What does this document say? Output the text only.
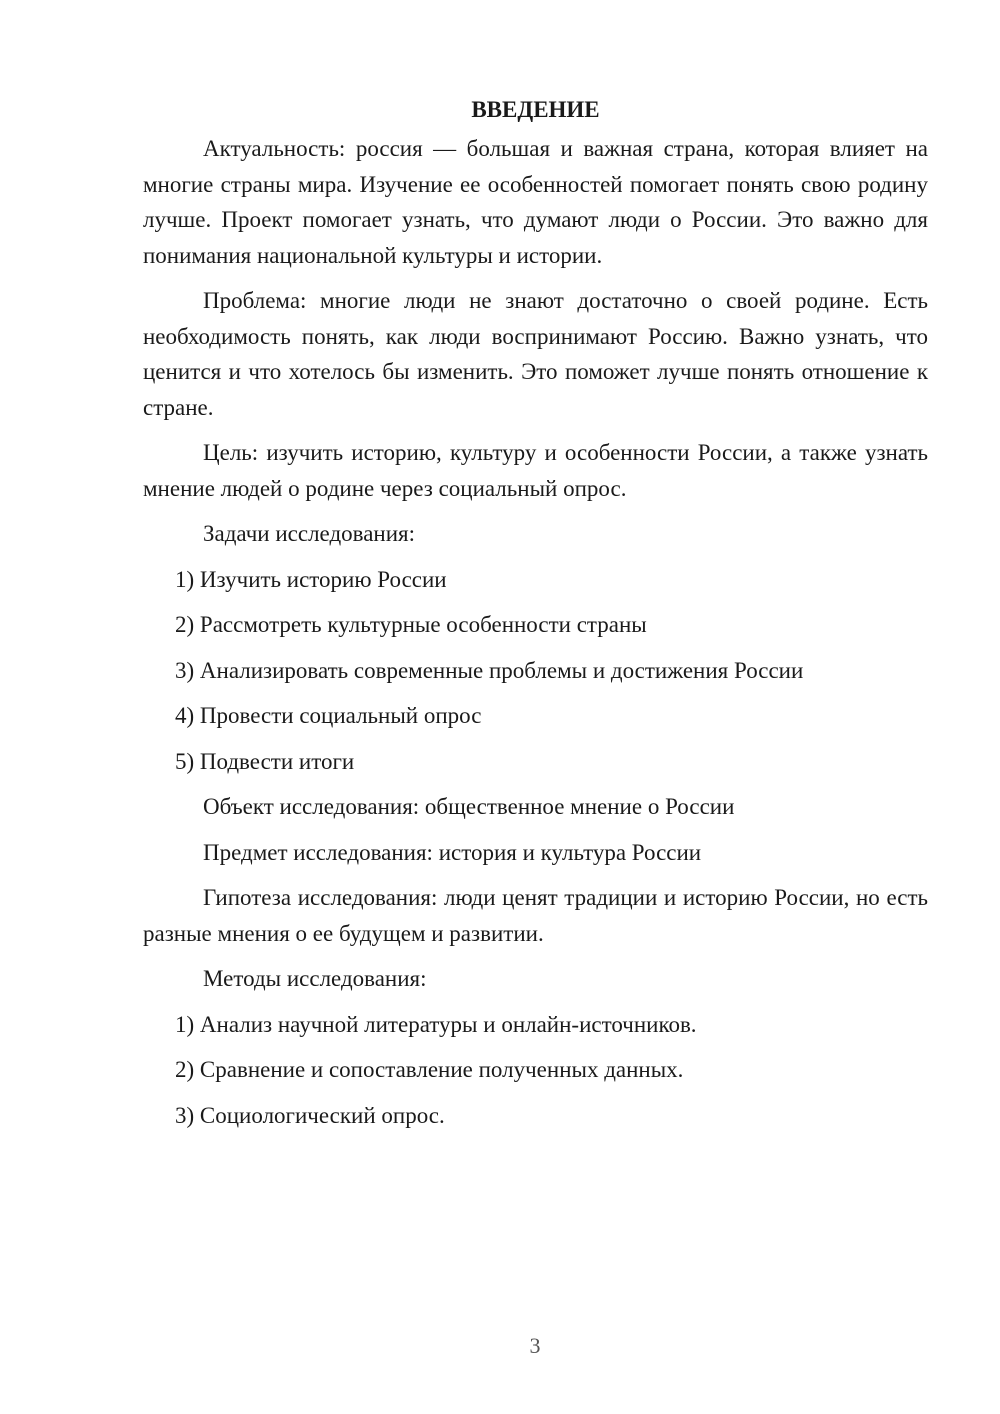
ВВЕДЕНИЕ

Актуальность: россия — большая и важная страна, которая влияет на многие страны мира. Изучение ее особенностей помогает понять свою родину лучше. Проект помогает узнать, что думают люди о России. Это важно для понимания национальной культуры и истории.

Проблема: многие люди не знают достаточно о своей родине. Есть необходимость понять, как люди воспринимают Россию. Важно узнать, что ценится и что хотелось бы изменить. Это поможет лучше понять отношение к стране.

Цель: изучить историю, культуру и особенности России, а также узнать мнение людей о родине через социальный опрос.

Задачи исследования:

1) Изучить историю России

2) Рассмотреть культурные особенности страны

3) Анализировать современные проблемы и достижения России

4) Провести социальный опрос

5) Подвести итоги

Объект исследования: общественное мнение о России

Предмет исследования: история и культура России

Гипотеза исследования: люди ценят традиции и историю России, но есть разные мнения о ее будущем и развитии.

Методы исследования:

1) Анализ научной литературы и онлайн-источников.

2) Сравнение и сопоставление полученных данных.

3) Социологический опрос.

3
